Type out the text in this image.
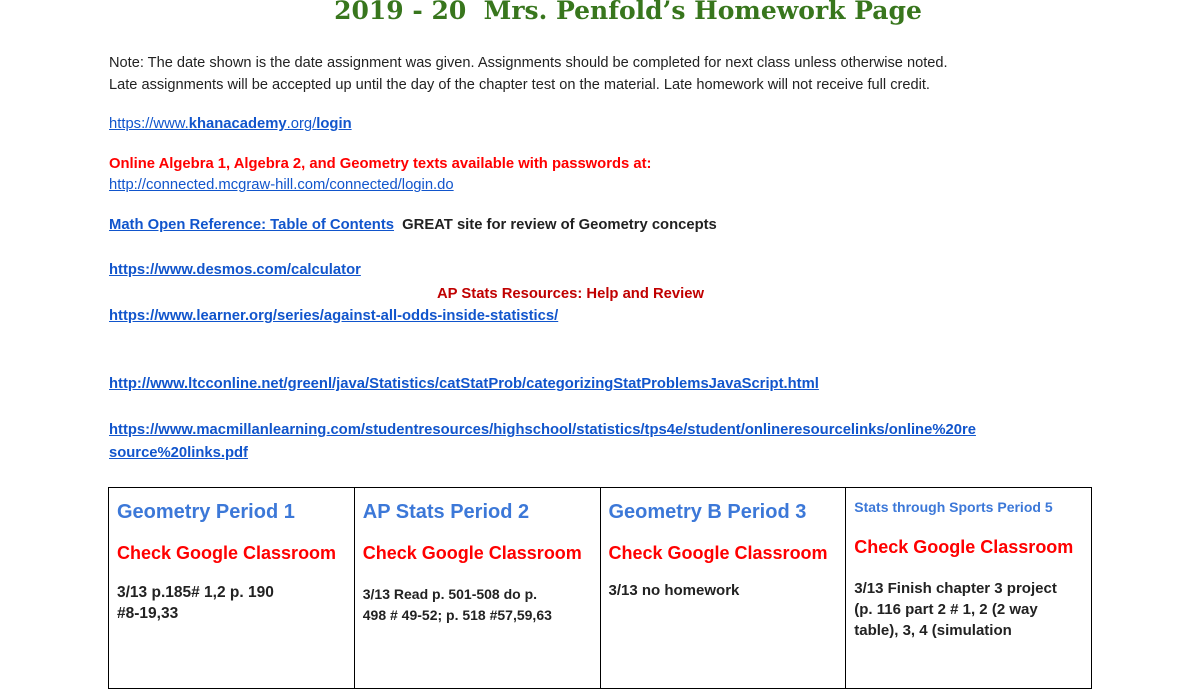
2019 - 20  Mrs. Penfold’s Homework Page
Note: The date shown is the date assignment was given. Assignments should be completed for next class unless otherwise noted.
Late assignments will be accepted up until the day of the chapter test on the material. Late homework will not receive full credit.
https://www.khanacademy.org/login
Online Algebra 1, Algebra 2, and Geometry texts available with passwords at:
http://connected.mcgraw-hill.com/connected/login.do
Math Open Reference: Table of Contents GREAT site for review of Geometry concepts
https://www.desmos.com/calculator
AP Stats Resources: Help and Review
https://www.learner.org/series/against-all-odds-inside-statistics/
http://www.ltcconline.net/greenl/java/Statistics/catStatProb/categorizingStatProblemsJavaScript.html
https://www.macmillanlearning.com/studentresources/highschool/statistics/tps4e/student/onlineresourcelinks/online%20re
source%20links.pdf
Geometry Period 1
Check Google Classroom
3/13 p.185# 1,2 p. 190
#8-19,33

AP Stats Period 2
Check Google Classroom
3/13 Read p. 501-508 do p.
498 # 49-52; p. 518 #57,59,63

Geometry B Period 3
Check Google Classroom
3/13 no homework

Stats through Sports Period 5
Check Google Classroom
3/13 Finish chapter 3 project
(p. 116 part 2 # 1, 2 (2 way
table), 3, 4 (simulation
